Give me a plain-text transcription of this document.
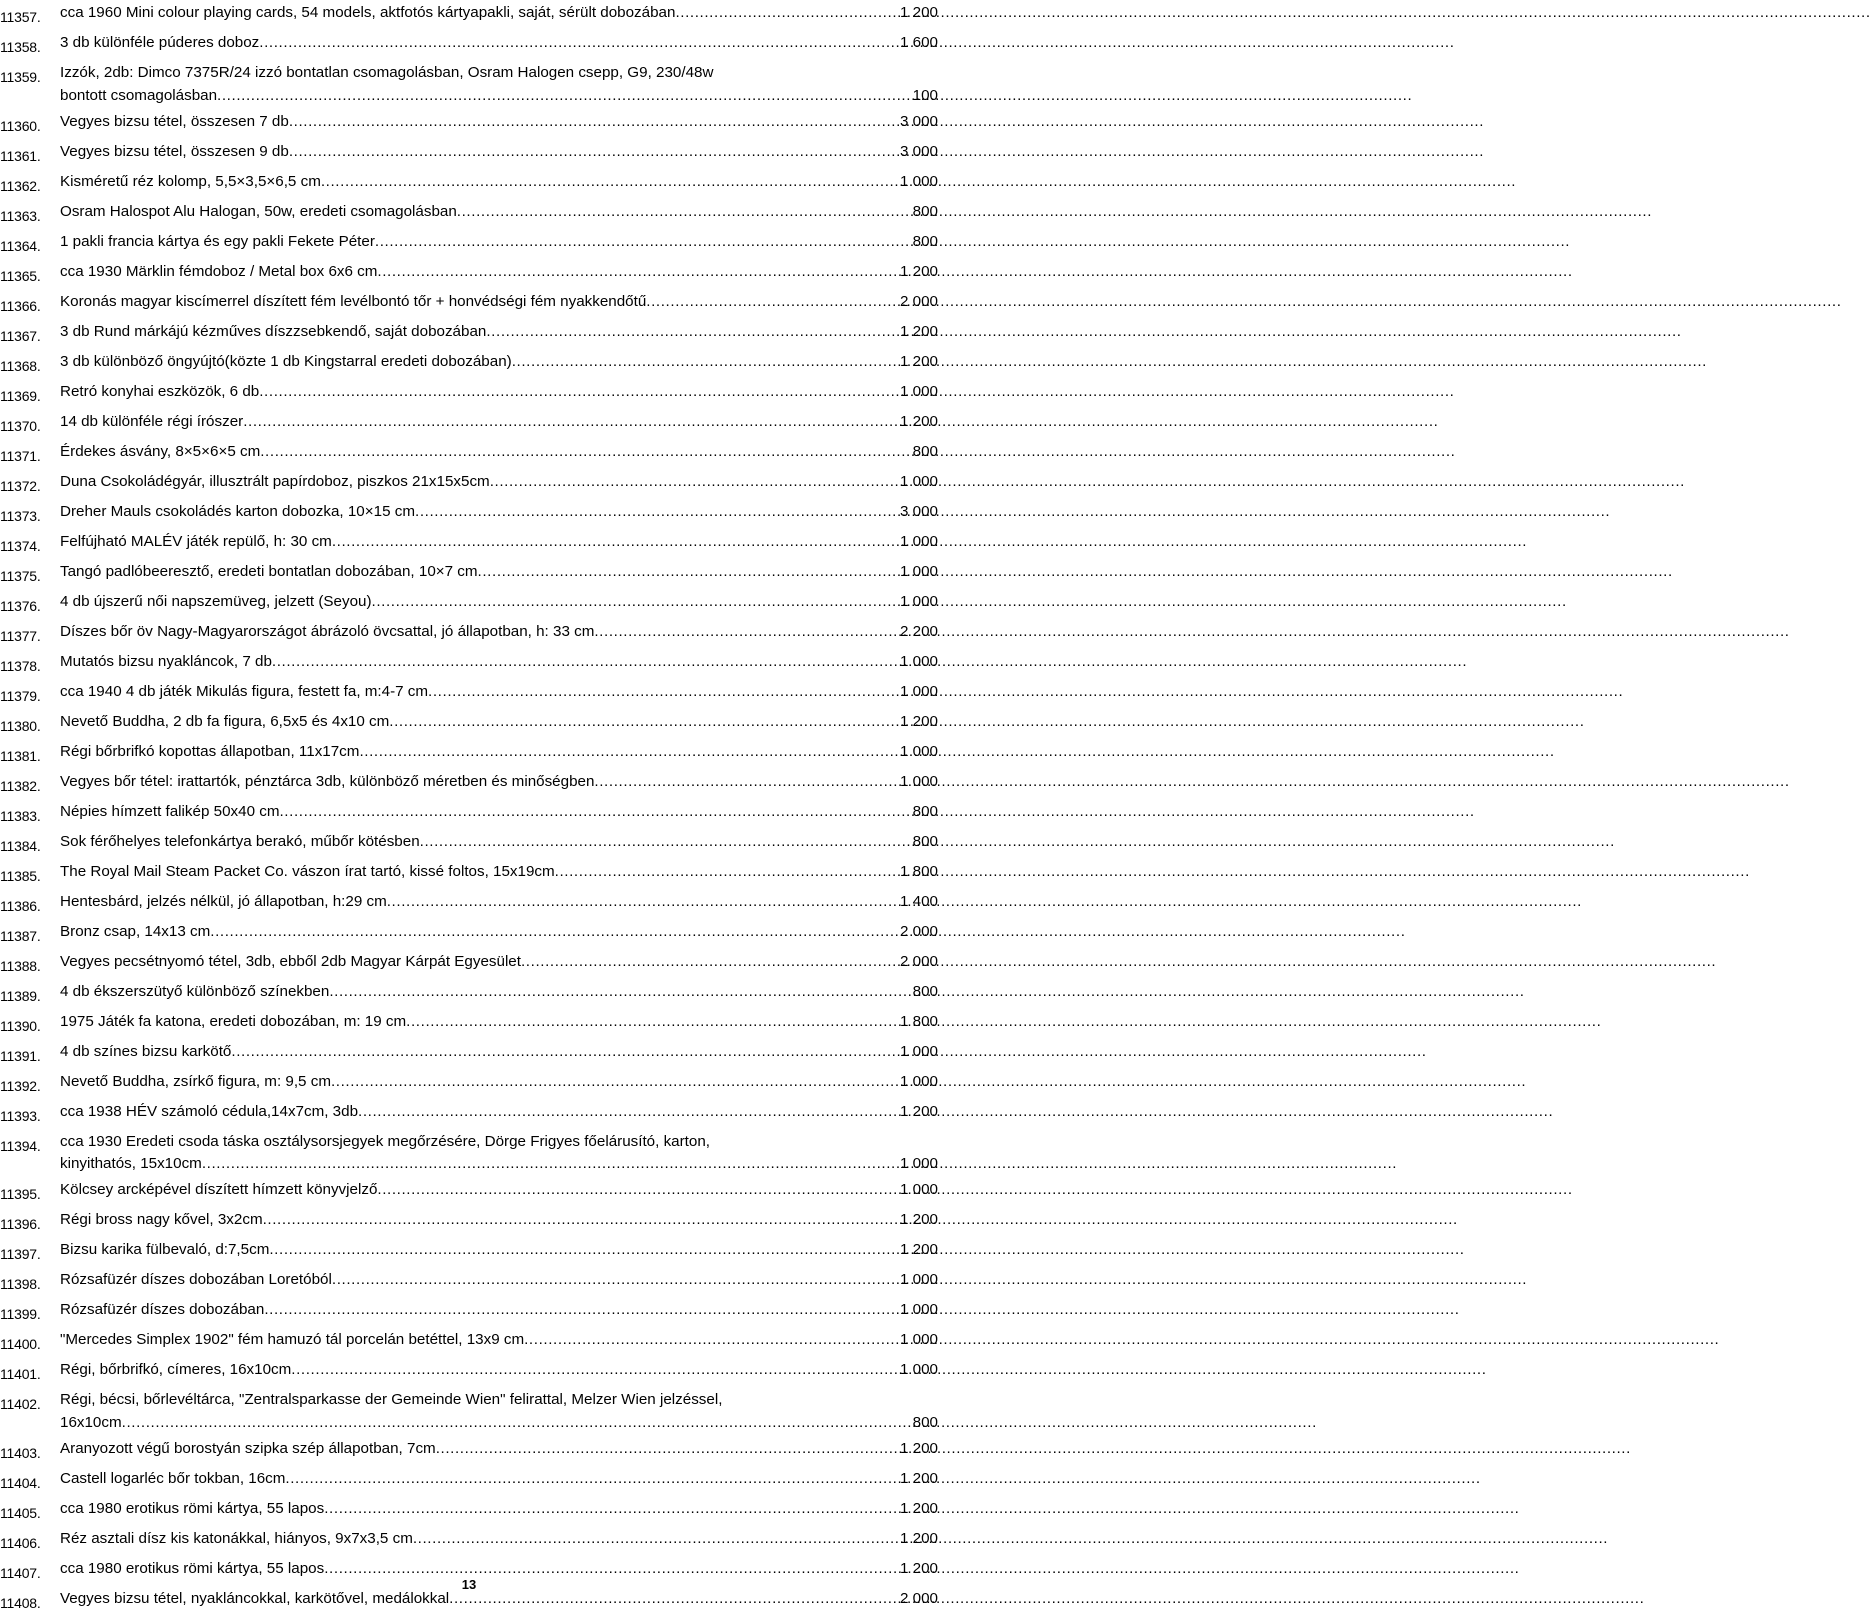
11357.	cca 1960 Mini colour playing cards, 54 models, aktfotós kártyapakli, saját, sérült dobozában .....	1 200
11358.	3 db különféle púderes doboz .....	1 600
11359.	Izzók, 2db: Dimco 7375R/24 izzó bontatlan csomagolásban, Osram Halogen csepp, G9, 230/48w
bontott csomagolásban .....	100
11360.	Vegyes bizsu tétel, összesen 7 db .....	3 000
11361.	Vegyes bizsu tétel, összesen 9 db .....	3 000
11362.	Kisméretű réz kolomp, 5,5×3,5×6,5 cm .....	1 000
11363.	Osram Halospot Alu Halogan, 50w, eredeti csomagolásban .....	800
11364.	1 pakli francia kártya és egy pakli Fekete Péter .....	800
11365.	cca 1930 Märklin fémdoboz / Metal box 6x6 cm .....	1 200
11366.	Koronás magyar kiscímerrel díszített fém levélbontó tőr + honvédségi fém nyakkendőtű .....	2 000
11367.	3 db Rund márkájú kézműves díszzsebkendő, saját dobozában .....	1 200
11368.	3 db különböző öngyújtó(közte 1 db Kingstarral eredeti dobozában) .....	1 200
11369.	Retró konyhai eszközök, 6 db .....	1 000
11370.	14 db különféle régi írószer .....	1 200
11371.	Érdekes ásvány, 8×5×6×5 cm .....	800
11372.	Duna Csokoládégyár, illusztrált papírdoboz, piszkos 21x15x5cm .....	1 000
11373.	Dreher Mauls csokoládés karton dobozka, 10×15 cm .....	3 000
11374.	Felfújható MALÉV játék repülő, h: 30 cm .....	1 000
11375.	Tangó padlóbeeresztő, eredeti bontatlan dobozában, 10×7 cm .....	1 000
11376.	4 db újszerű női napszemüveg, jelzett (Seyou) .....	1 000
11377.	Díszes bőr öv Nagy-Magyarországot ábrázoló övcsattal, jó állapotban, h: 33 cm .....	2 200
11378.	Mutatós bizsu nyakláncok, 7 db .....	1 000
11379.	cca 1940 4 db játék Mikulás figura, festett fa, m:4-7 cm .....	1 000
11380.	Nevető Buddha, 2 db fa figura, 6,5x5 és 4x10 cm .....	1 200
11381.	Régi bőrbrifkó kopottas állapotban, 11x17cm .....	1 000
11382.	Vegyes bőr tétel: irattartók, pénztárca 3db, különböző méretben és minőségben .....	1 000
11383.	Népies hímzett falikép 50x40 cm .....	800
11384.	Sok férőhelyes telefonkártya berakó, műbőr kötésben .....	800
11385.	The Royal Mail Steam Packet Co. vászon írat tartó, kissé foltos, 15x19cm .....	1 800
11386.	Hentesbárd, jelzés nélkül, jó állapotban, h:29 cm .....	1 400
11387.	Bronz csap, 14x13 cm .....	2 000
11388.	Vegyes pecsétnyomó tétel, 3db, ebből 2db Magyar Kárpát Egyesület .....	2 000
11389.	4 db ékszerszütyő különböző színekben .....	800
11390.	1975 Játék fa katona, eredeti dobozában, m: 19 cm .....	1 800
11391.	4 db színes bizsu karkötő .....	1 000
11392.	Nevető Buddha, zsírkő figura, m: 9,5 cm .....	1 000
11393.	cca 1938 HÉV számoló cédula,14x7cm, 3db .....	1 200
11394.	cca 1930 Eredeti csoda táska osztálysorsjegyek megőrzésére, Dörge Frigyes főelárusító, karton,
kinyithatós, 15x10cm .....	1 000
11395.	Kölcsey arcképével díszített hímzett könyvjelző .....	1 000
11396.	Régi bross nagy kővel, 3x2cm .....	1 200
11397.	Bizsu karika fülbevaló, d:7,5cm .....	1 200
11398.	Rózsafüzér díszes dobozában Loretóból .....	1 000
11399.	Rózsafüzér díszes dobozában .....	1 000
11400.	"Mercedes Simplex 1902" fém hamuzó tál porcelán betéttel, 13x9 cm .....	1 000
11401.	Régi, bőrbrifkó, címeres, 16x10cm .....	1 000
11402.	Régi, bécsi, bőrlevéltárca, "Zentralsparkasse der Gemeinde Wien" felirattal, Melzer Wien jelzéssel,
16x10cm .....	800
11403.	Aranyozott végű borostyán szipka szép állapotban, 7cm .....	1 200
11404.	Castell logarléc bőr tokban, 16cm .....	1 200
11405.	cca 1980 erotikus römi kártya, 55 lapos .....	1 200
11406.	Réz asztali dísz kis katonákkal, hiányos, 9x7x3,5 cm .....	1 200
11407.	cca 1980 erotikus römi kártya, 55 lapos .....	1 200
11408.	Vegyes bizsu tétel, nyakláncokkal, karkötővel, medálokkal .....	2 000
13
